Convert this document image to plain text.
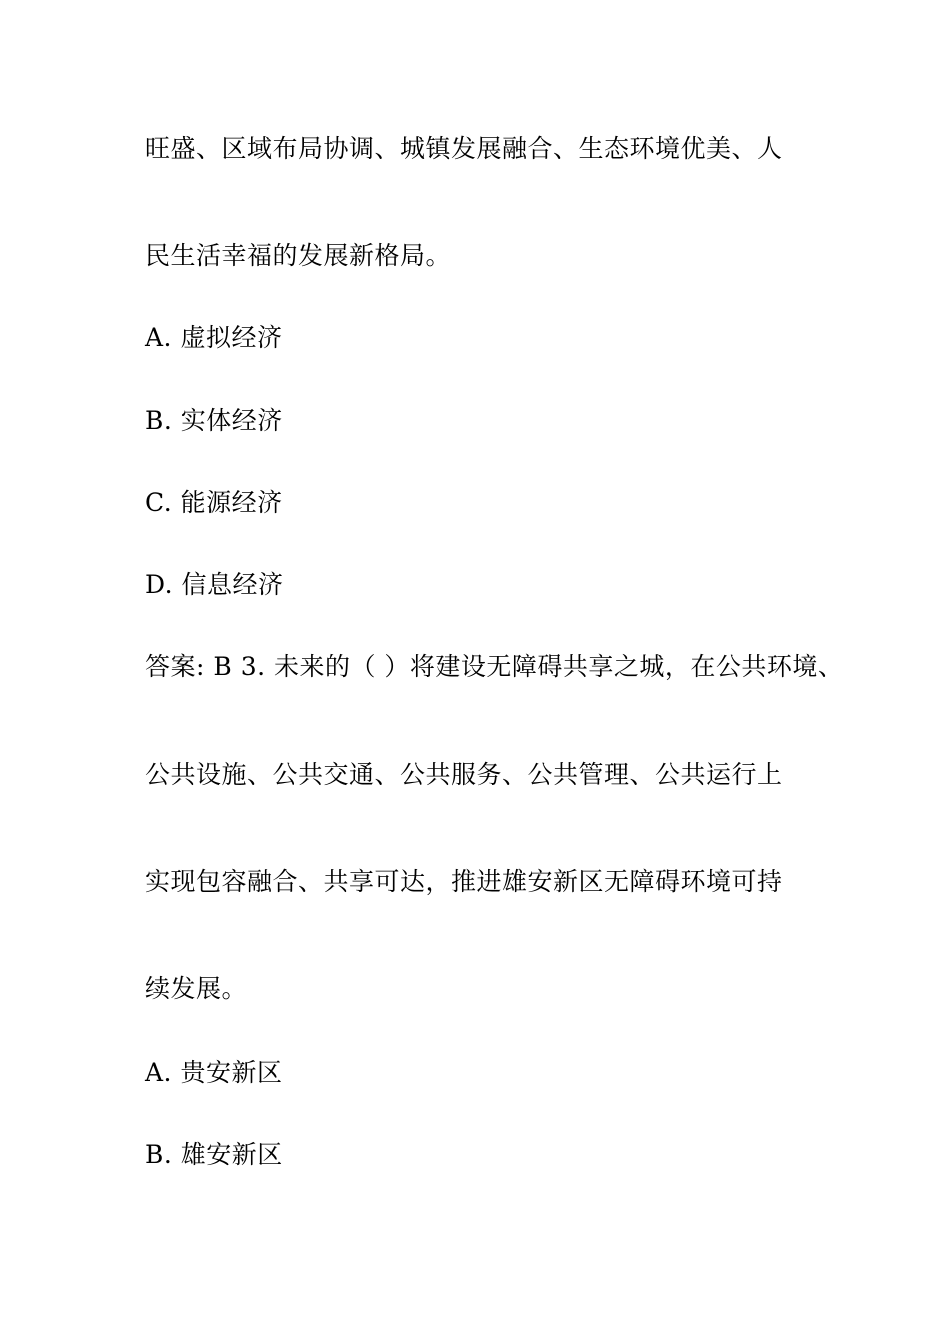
旺盛、区域布局协调、城镇发展融合、生态环境优美、人
民生活幸福的发展新格局。
A. 虚拟经济
B. 实体经济
C. 能源经济
D. 信息经济
答案: B 3. 未来的（ ）将建设无障碍共享之城，在公共环境、
公共设施、公共交通、公共服务、公共管理、公共运行上
实现包容融合、共享可达，推进雄安新区无障碍环境可持
续发展。
A. 贵安新区
B. 雄安新区
